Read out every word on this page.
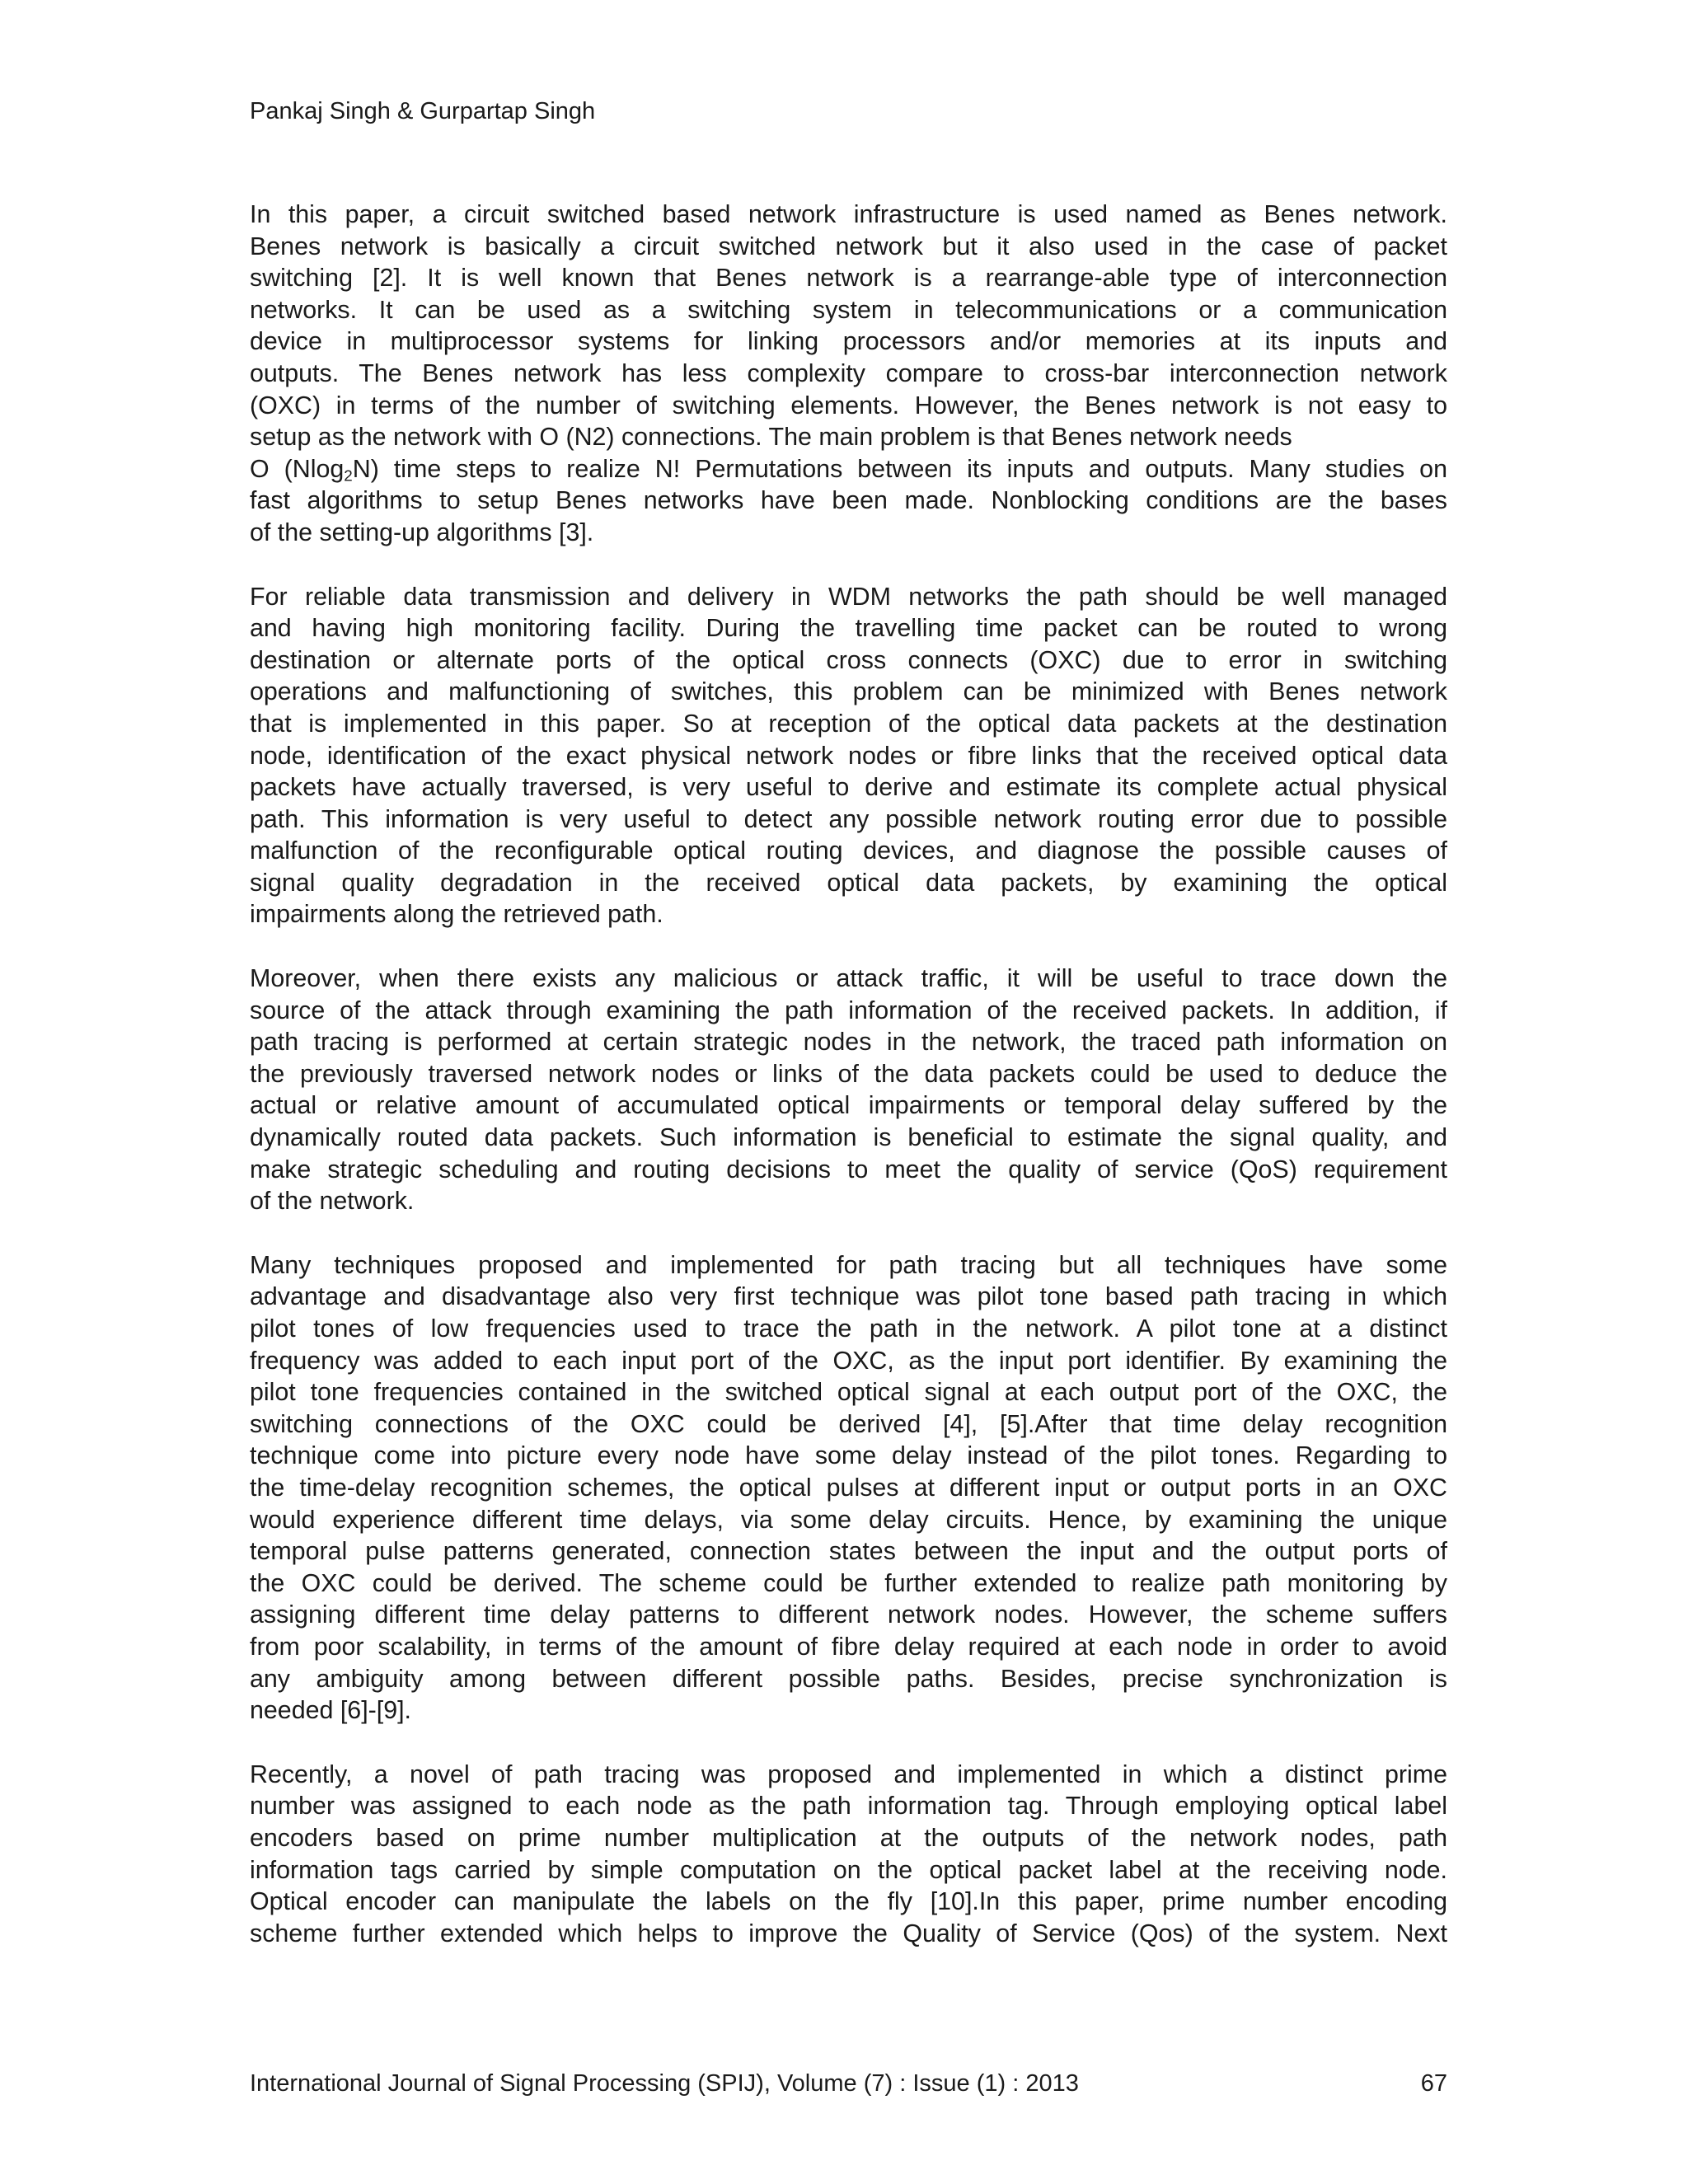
Pankaj Singh & Gurpartap Singh

In this paper, a circuit switched based network infrastructure is used named as Benes network.
Benes network is basically a circuit switched network but it also used in the case of packet
switching [2]. It is well known that Benes network is a rearrange-able type of interconnection
networks. It can be used as a switching system in telecommunications or a communication
device in multiprocessor systems for linking processors and/or memories at its inputs and
outputs. The Benes network has less complexity compare to cross-bar interconnection network
(OXC) in terms of the number of switching elements. However, the Benes network is not easy to
setup as the network with O (N2) connections. The main problem is that Benes network needs
O (Nlog$_2$N) time steps to realize N! Permutations between its inputs and outputs. Many studies on
fast algorithms to setup Benes networks have been made. Nonblocking conditions are the bases
of the setting-up algorithms [3].

For reliable data transmission and delivery in WDM networks the path should be well managed
and having high monitoring facility. During the travelling time packet can be routed to wrong
destination or alternate ports of the optical cross connects (OXC) due to error in switching
operations and malfunctioning of switches, this problem can be minimized with Benes network
that is implemented in this paper. So at reception of the optical data packets at the destination
node, identification of the exact physical network nodes or fibre links that the received optical data
packets have actually traversed, is very useful to derive and estimate its complete actual physical
path. This information is very useful to detect any possible network routing error due to possible
malfunction of the reconfigurable optical routing devices, and diagnose the possible causes of
signal quality degradation in the received optical data packets, by examining the optical
impairments along the retrieved path.

Moreover, when there exists any malicious or attack traffic, it will be useful to trace down the
source of the attack through examining the path information of the received packets. In addition, if
path tracing is performed at certain strategic nodes in the network, the traced path information on
the previously traversed network nodes or links of the data packets could be used to deduce the
actual or relative amount of accumulated optical impairments or temporal delay suffered by the
dynamically routed data packets. Such information is beneficial to estimate the signal quality, and
make strategic scheduling and routing decisions to meet the quality of service (QoS) requirement
of the network.

Many techniques proposed and implemented for path tracing but all techniques have some
advantage and disadvantage also very first technique was pilot tone based path tracing in which
pilot tones of low frequencies used to trace the path in the network. A pilot tone at a distinct
frequency was added to each input port of the OXC, as the input port identifier. By examining the
pilot tone frequencies contained in the switched optical signal at each output port of the OXC, the
switching connections of the OXC could be derived [4], [5].After that time delay recognition
technique come into picture every node have some delay instead of the pilot tones. Regarding to
the time-delay recognition schemes, the optical pulses at different input or output ports in an OXC
would experience different time delays, via some delay circuits. Hence, by examining the unique
temporal pulse patterns generated, connection states between the input and the output ports of
the OXC could be derived. The scheme could be further extended to realize path monitoring by
assigning different time delay patterns to different network nodes. However, the scheme suffers
from poor scalability, in terms of the amount of fibre delay required at each node in order to avoid
any ambiguity among between different possible paths. Besides, precise synchronization is
needed [6]-[9].

Recently, a novel of path tracing was proposed and implemented in which a distinct prime
number was assigned to each node as the path information tag. Through employing optical label
encoders based on prime number multiplication at the outputs of the network nodes, path
information tags carried by simple computation on the optical packet label at the receiving node.
Optical encoder can manipulate the labels on the fly [10].In this paper, prime number encoding
scheme further extended which helps to improve the Quality of Service (Qos) of the system. Next

International Journal of Signal Processing (SPIJ), Volume (7) : Issue (1) : 2013	67
